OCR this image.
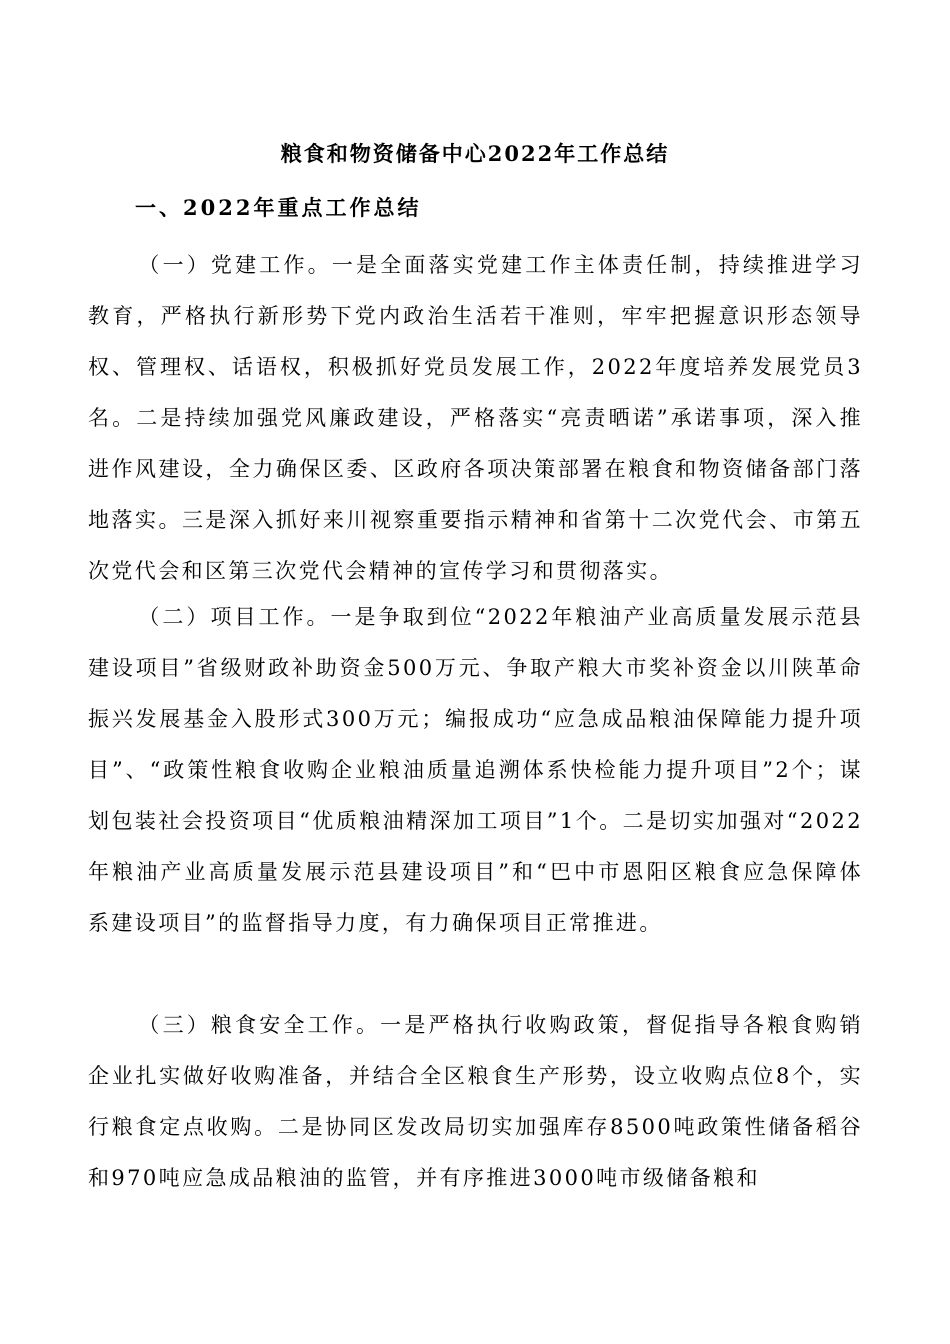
粮食和物资储备中心2022年工作总结
一、2022年重点工作总结

（一）党建工作。一是全面落实党建工作主体责任制，持续推进学习教育，严格执行新形势下党内政治生活若干准则，牢牢把握意识形态领导权、管理权、话语权，积极抓好党员发展工作，2022年度培养发展党员3名。二是持续加强党风廉政建设，严格落实“亮责晒诺”承诺事项，深入推进作风建设，全力确保区委、区政府各项决策部署在粮食和物资储备部门落地落实。三是深入抓好来川视察重要指示精神和省第十二次党代会、市第五次党代会和区第三次党代会精神的宣传学习和贯彻落实。

（二）项目工作。一是争取到位“2022年粮油产业高质量发展示范县建设项目”省级财政补助资金500万元、争取产粮大市奖补资金以川陕革命振兴发展基金入股形式300万元；编报成功“应急成品粮油保障能力提升项目”、“政策性粮食收购企业粮油质量追溯体系快检能力提升项目”2个；谋划包装社会投资项目“优质粮油精深加工项目”1个。二是切实加强对“2022年粮油产业高质量发展示范县建设项目”和“巴中市恩阳区粮食应急保障体系建设项目”的监督指导力度，有力确保项目正常推进。

（三）粮食安全工作。一是严格执行收购政策，督促指导各粮食购销企业扎实做好收购准备，并结合全区粮食生产形势，设立收购点位8个，实行粮食定点收购。二是协同区发改局切实加强库存8500吨政策性储备稻谷和970吨应急成品粮油的监管，并有序推进3000吨市级储备粮和
